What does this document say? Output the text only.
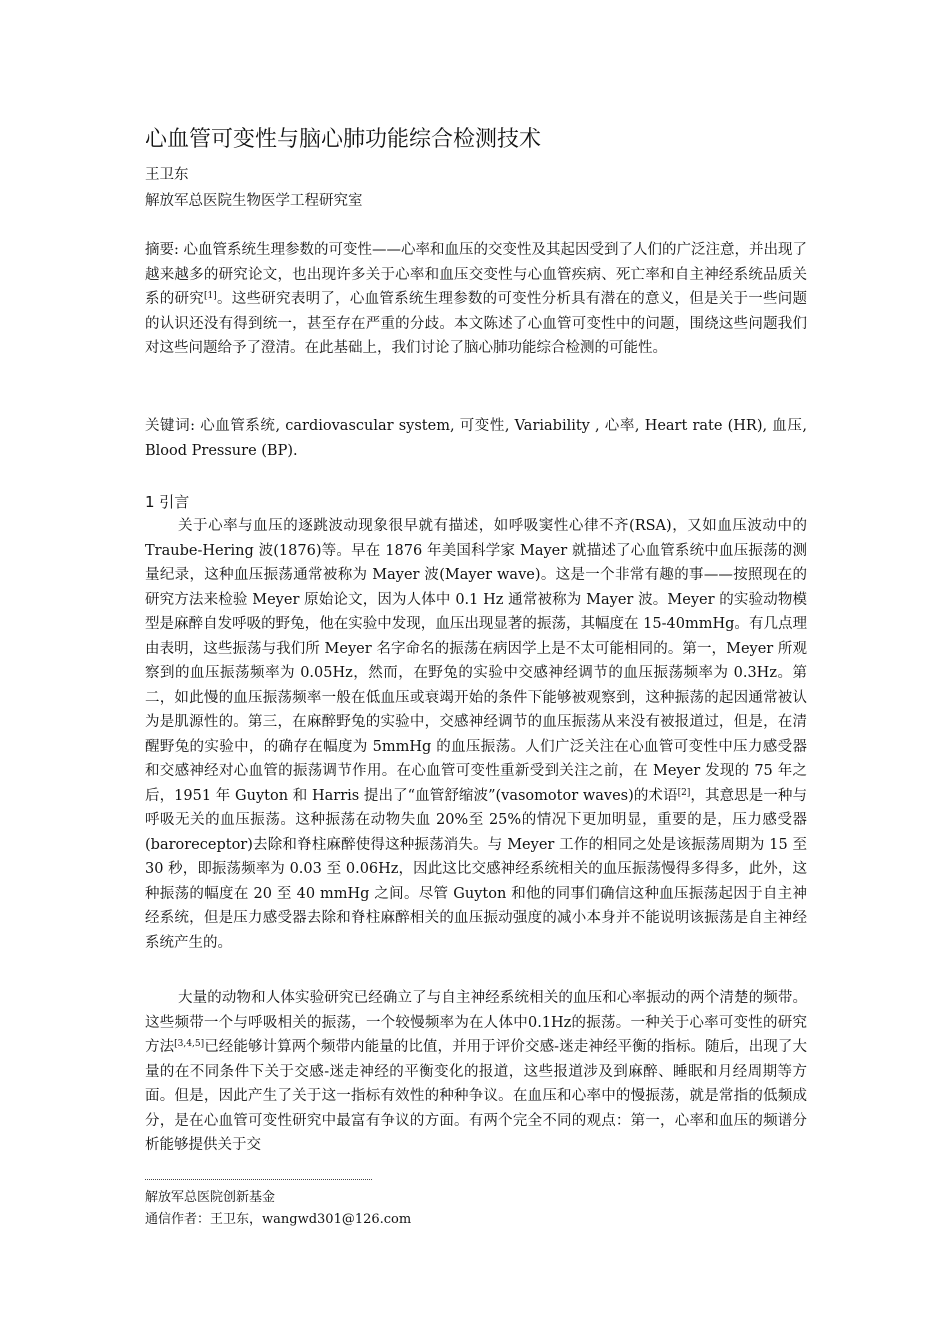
心血管可变性与脑心肺功能综合检测技术
王卫东
解放军总医院生物医学工程研究室

摘要: 心血管系统生理参数的可变性——心率和血压的交变性及其起因受到了人们的广泛注意，并出现了越来越多的研究论文，也出现许多关于心率和血压交变性与心血管疾病、死亡率和自主神经系统品质关系的研究[1]。这些研究表明了，心血管系统生理参数的可变性分析具有潜在的意义，但是关于一些问题的认识还没有得到统一，甚至存在严重的分歧。本文陈述了心血管可变性中的问题，围绕这些问题我们对这些问题给予了澄清。在此基础上，我们讨论了脑心肺功能综合检测的可能性。

关键词: 心血管系统, cardiovascular system, 可变性, Variability , 心率, Heart rate (HR), 血压, Blood Pressure (BP).

1 引言

关于心率与血压的逐跳波动现象很早就有描述，如呼吸窦性心律不齐(RSA)，又如血压波动中的 Traube-Hering 波(1876)等。早在 1876 年美国科学家 Mayer 就描述了心血管系统中血压振荡的测量纪录，这种血压振荡通常被称为 Mayer 波(Mayer wave)。这是一个非常有趣的事——按照现在的研究方法来检验 Meyer 原始论文，因为人体中 0.1 Hz 通常被称为 Mayer 波。Meyer 的实验动物模型是麻醉自发呼吸的野兔，他在实验中发现，血压出现显著的振荡，其幅度在 15-40mmHg。有几点理由表明，这些振荡与我们所 Meyer 名字命名的振荡在病因学上是不太可能相同的。第一，Meyer 所观察到的血压振荡频率为 0.05Hz，然而，在野兔的实验中交感神经调节的血压振荡频率为 0.3Hz。第二，如此慢的血压振荡频率一般在低血压或衰竭开始的条件下能够被观察到，这种振荡的起因通常被认为是肌源性的。第三，在麻醉野兔的实验中，交感神经调节的血压振荡从来没有被报道过，但是，在清醒野兔的实验中，的确存在幅度为 5mmHg 的血压振荡。人们广泛关注在心血管可变性中压力感受器和交感神经对心血管的振荡调节作用。在心血管可变性重新受到关注之前，在 Meyer 发现的 75 年之后，1951 年 Guyton 和 Harris 提出了“血管舒缩波”(vasomotor waves)的术语[2]，其意思是一种与呼吸无关的血压振荡。这种振荡在动物失血 20%至 25%的情况下更加明显，重要的是，压力感受器(baroreceptor)去除和脊柱麻醉使得这种振荡消失。与 Meyer 工作的相同之处是该振荡周期为 15 至 30 秒，即振荡频率为 0.03 至 0.06Hz，因此这比交感神经系统相关的血压振荡慢得多得多，此外，这种振荡的幅度在 20 至 40 mmHg 之间。尽管 Guyton 和他的同事们确信这种血压振荡起因于自主神经系统，但是压力感受器去除和脊柱麻醉相关的血压振动强度的减小本身并不能说明该振荡是自主神经系统产生的。

大量的动物和人体实验研究已经确立了与自主神经系统相关的血压和心率振动的两个清楚的频带。这些频带一个与呼吸相关的振荡，一个较慢频率为在人体中0.1Hz的振荡。一种关于心率可变性的研究方法[3,4,5]已经能够计算两个频带内能量的比值，并用于评价交感-迷走神经平衡的指标。随后，出现了大量的在不同条件下关于交感-迷走神经的平衡变化的报道，这些报道涉及到麻醉、睡眠和月经周期等方面。但是，因此产生了关于这一指标有效性的种种争议。在血压和心率中的慢振荡，就是常指的低频成分，是在心血管可变性研究中最富有争议的方面。有两个完全不同的观点：第一，心率和血压的频谱分析能够提供关于交

解放军总医院创新基金
通信作者：王卫东，wangwd301@126.com
